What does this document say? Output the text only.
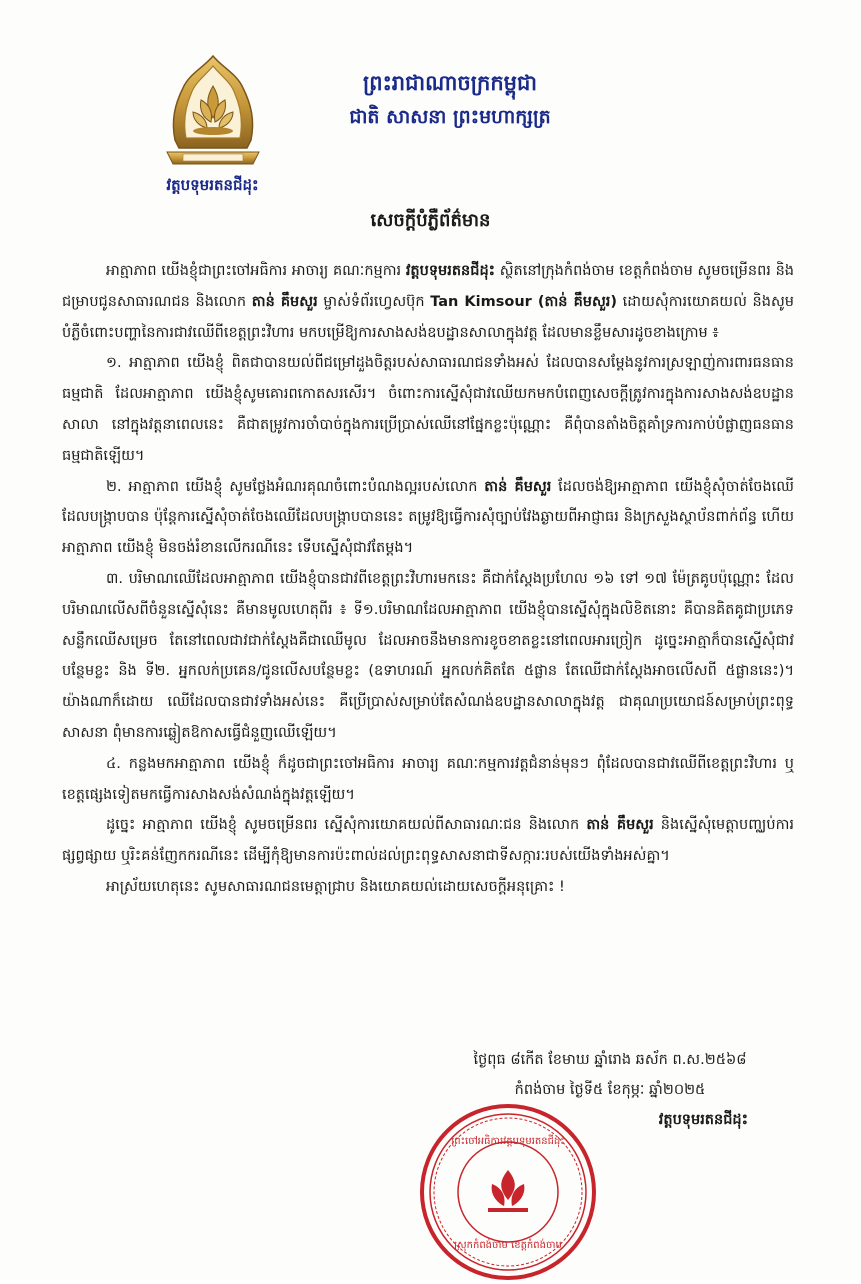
វត្តបទុមរតនជីដុះ
ព្រះរាជាណាចក្រកម្ពុជា
ជាតិ សាសនា ព្រះមហាក្សត្រ
សេចក្តីបំភ្លឺព័ត៌មាន

អាត្មាភាព យើងខ្ញុំជាព្រះចៅអធិការ អាចារ្យ គណៈកម្មការ វត្តបទុមរតនជីដុះ ស្ថិតនៅក្រុងកំពង់ចាម ខេត្តកំពង់ចាម សូមចម្រើនពរ និងជម្រាបជូនសាធារណជន និងលោក តាន់ គឹមសួរ ម្ចាស់ទំព័រហ្វេសប៊ុក Tan Kimsour (តាន់ គឹមសួរ) ដោយសុំការយោគយល់ និងសូមបំភ្លឺចំពោះបញ្ហានៃការជាវឈើពីខេត្តព្រះវិហារ មកបម្រើឱ្យការសាងសង់ឧបដ្ឋានសាលាក្នុងវត្ត ដែលមានខ្លឹមសារដូចខាងក្រោម ៖

១. អាត្មាភាព យើងខ្ញុំ ពិតជាបានយល់ពីជម្រៅដួងចិត្តរបស់សាធារណជនទាំងអស់ ដែលបានសម្តែងនូវការស្រឡាញ់ការពារធនធានធម្មជាតិ ដែលអាត្មាភាព យើងខ្ញុំសូមគោរពកោតសរសើរ។ ចំពោះការស្នើសុំជាវឈើយកមកបំពេញសេចក្តីត្រូវការក្នុងការសាងសង់ឧបដ្ឋានសាលា នៅក្នុងវត្តនាពេលនេះ គឺជាតម្រូវការចាំបាច់ក្នុងការប្រើប្រាស់ឈើនៅផ្នែកខ្លះប៉ុណ្ណោះ គឺពុំបានតាំងចិត្តគាំទ្រការកាប់បំផ្លាញធនធានធម្មជាតិឡើយ។

២. អាត្មាភាព យើងខ្ញុំ សូមថ្លែងអំណរគុណចំពោះបំណងល្អរបស់លោក តាន់ គឹមសួរ ដែលចង់ឱ្យអាត្មាភាព យើងខ្ញុំសុំចាត់ចែងឈើដែលបង្ក្រាបបាន ប៉ុន្តែការស្នើសុំចាត់ចែងឈើដែលបង្ក្រាបបាននេះ តម្រូវឱ្យធ្វើការសុំច្បាប់វែងឆ្ងាយពីអាជ្ញាធរ និងក្រសួងស្ថាប័នពាក់ព័ន្ធ ហើយអាត្មាភាព យើងខ្ញុំ មិនចង់រំខានលើករណីនេះ ទើបស្នើសុំជាវតែម្តង។

៣. បរិមាណឈើដែលអាត្មាភាព យើងខ្ញុំបានជាវពីខេត្តព្រះវិហារមកនេះ គឺជាក់ស្តែងប្រហែល ១៦ ទៅ ១៧ ម៉ែត្រគូបប៉ុណ្ណោះ ដែលបរិមាណលើសពីចំនួនស្នើសុំនេះ គឺមានមូលហេតុពីរ ៖ ទី១.បរិមាណដែលអាត្មាភាព យើងខ្ញុំបានស្នើសុំក្នុងលិខិតនោះ គឺបានគិតគូជាប្រភេទសន្លឹកឈើសម្រេច តែនៅពេលជាវជាក់ស្តែងគឺជាឈើមូល ដែលអាចនឹងមានការខូចខាតខ្លះនៅពេលអារច្រៀក ដូច្នេះអាត្មាក៏បានស្នើសុំជាវបន្ថែមខ្លះ និង ទី២. អ្នកលក់ប្រគេន/ជូនលើសបន្ថែមខ្លះ (ឧទាហរណ៍ អ្នកលក់គិតតែ ៥ផ្លាន តែឈើជាក់ស្តែងអាចលើសពី ៥ផ្លាននេះ)។ យ៉ាងណាក៏ដោយ ឈើដែលបានជាវទាំងអស់នេះ គឺប្រើប្រាស់សម្រាប់តែសំណង់ឧបដ្ឋានសាលាក្នុងវត្ត ជាគុណប្រយោជន៍សម្រាប់ព្រះពុទ្ធសាសនា ពុំមានការឆ្លៀតឱកាសធ្វើជំនួញឈើឡើយ។

៤. កន្លងមកអាត្មាភាព យើងខ្ញុំ ក៏ដូចជាព្រះចៅអធិការ អាចារ្យ គណៈកម្មការវត្តជំនាន់មុនៗ ពុំដែលបានជាវឈើពីខេត្តព្រះវិហារ ឬខេត្តផ្សេងទៀតមកធ្វើការសាងសង់សំណង់ក្នុងវត្តឡើយ។

ដូច្នេះ អាត្មាភាព យើងខ្ញុំ សូមចម្រើនពរ ស្នើសុំការយោគយល់ពីសាធារណៈជន និងលោក តាន់ គឹមសួរ និងស្នើសុំមេត្តាបញ្ឈប់ការផ្សព្វផ្សាយ ឬរិះគន់ញែកករណីនេះ ដើម្បីកុំឱ្យមានការប៉ះពាល់ដល់ព្រះពុទ្ធសាសនាជាទីសក្ការៈរបស់យើងទាំងអស់គ្នា។

អាស្រ័យហេតុនេះ សូមសាធារណជនមេត្តាជ្រាប និងយោគយល់ដោយសេចក្តីអនុគ្រោះ !

ថ្ងៃពុធ ៨កើត ខែមាឃ ឆ្នាំរោង ឆស័ក ព.ស.២៥៦៨
កំពង់ចាម ថ្ងៃទី៥ ខែកុម្ភៈ ឆ្នាំ២០២៥
វត្តបទុមរតនជីដុះ
ព្រះចៅអធិការវត្តបទុមរតនជីដុះ
ស្រុកកំពង់ចាម ខេត្តកំពង់ចាម
